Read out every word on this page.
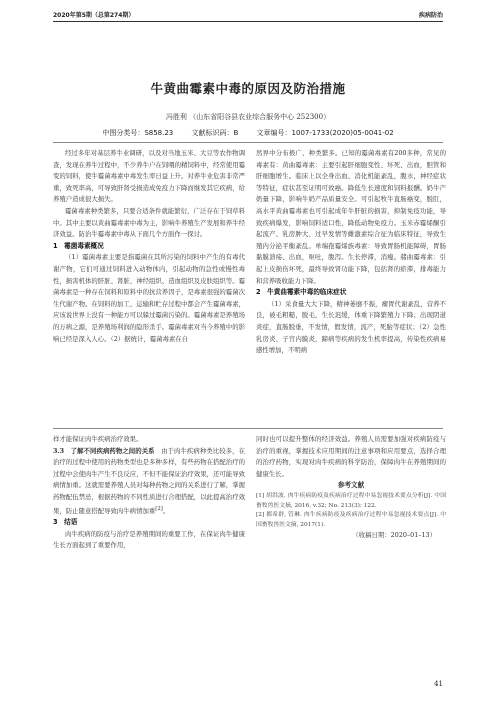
2020年第5期（总第274期）	疾病防治
牛黄曲霉素中毒的原因及防治措施
冯胜利 （山东省阳谷县农业综合服务中心 252300）
中图分类号：S858.23	文献标识码：B	文章编号：1007-1733(2020)05-0041-02

经过多年对基层养牛业调研，以及对当地玉米、大豆等农作物调查，发现在养牛过程中，不少养牛户在饲喂的精饲料中，经常使用霉变的饲料，使牛霉菌毒素中毒发生率日益上升。对养牛业危害非常严重，致死率高，可导致肝肾受损造成免疫力下降而继发其它疾病，给养殖户造成很大损失。

霉菌毒素种类繁多，只要合适条件就能繁衍，广泛存在于饲草料中。其中主要以黄曲霉毒素中毒为主，影响牛养殖生产发展和养牛经济效益。防治牛霉毒素中毒从下面几个方面作一探讨。

1　霉菌毒素概况

（1）霉菌毒素主要是指霉菌在其所污染的饲料中产生的有毒代谢产物，它们可通过饲料进入动物体内，引起动物的急性或慢性毒性，损害机体的肝脏、肾脏、神经组织、造血组织及皮肤组织等。霉菌毒素是一种存在饲料和原料中的抗营养因子，是毒素很强的霉菌次生代谢产物。在饲料的加工、运输和贮存过程中都会产生霉菌毒素，应该说世界上没有一种能方可以躲过霉菌污染的。霉菌毒素是养殖场的万病之源，是养殖场利润的隐形杀手。霉菌毒素对当今养殖中的影响已经是深入人心。（2）据统计，霉菌毒素在自

然界中分布极广、种类繁多。已知的霉菌毒素有200多种，常见的毒素有：黄曲霉毒素：主要引起肝细胞变性、坏死、出血，胆管和肝细胞增生。临床上以全身出血、消化机能紊乱，腹水，神经症状等特征，症状甚至证明可致癌。降低生长速度和饲料报酬。奶牛产奶量下降，影响牛奶产品质量安全。可引起牧牛直肠癌变，脱肛，高水平黄曲霉毒素也可引起成年牛肝脏的损害，抑制免疫功能，导致疾病爆发，影响饲料适口性，降低动物免疫力。玉米赤霉烯酮引起流产、乳房肿大、过早发情等雌激素综合征为临床特征，导致生殖内分泌平衡紊乱。单端孢霉烯族毒素：导致胃肠机能障碍，胃肠黏膜溃疡、出血，呕吐，腹泻。生长停滞，消瘦。赭曲霉毒素：引起上皮损伤坏死，最终导致肾功能下降，包括肾的瘀滞，排毒能力和营养吸收能力下降。

2　牛黄曲霉素中毒的临床症状

（1）采食量大大下降，精神萎靡不振，瘤胃代谢紊乱，营养不良，被毛粗糙，脱毛，生长迟缓，体重下降繁殖力下降；出现阴道炎症，直肠脱垂，不发情，假发情，流产，死胎等症状；（2）急性乳房炎、子宫内膜炎，蹄病等疾病的发生机率提高，传染性疾病易感性增加，不明病

样才能保证肉牛疾病治疗效果。

3.3　了解不同疾病药物之间的关系　 由于肉牛疾病种类比较多，在治疗的过程中使用的药物类型也是多种多样，有些药物在搭配治疗的过程中会使肉牛产生不良反应，不但不能保证治疗效果，还可能导致病情加重。这就需要养殖人员对每种药物之间的关系进行了解，掌握药物配伍禁忌，根据药物的不同性质进行合理搭配，以此提高治疗效果，防止随意搭配导致肉牛病情加重[2]。

3　结语

肉牛疾病的防疫与治疗是养殖期间的重要工作，在保证肉牛健康生长方面起到了重要作用，

同时也可以提升整体的经济效益。养殖人员需要加强对疾病防疫与治疗的重视，掌握技术应用期间的注意事项和应用要点，选择合理的治疗药物，实现对肉牛疾病的科学防治，保障肉牛在养殖期间的健康生长。

参考文献

[1] 胡洪波. 肉牛疾病防疫及疾病治疗过程中易忽视技术要点分析[J]. 中国畜牧兽医文摘, 2016, v.32; No. 213(3): 122.

[2] 都希群, 管琳. 肉牛疾病防疫及疾病治疗过程中易忽视技术要点[J]. 中国畜牧兽医文摘, 2017(1).

（收稿日期：2020–01–13）

41
